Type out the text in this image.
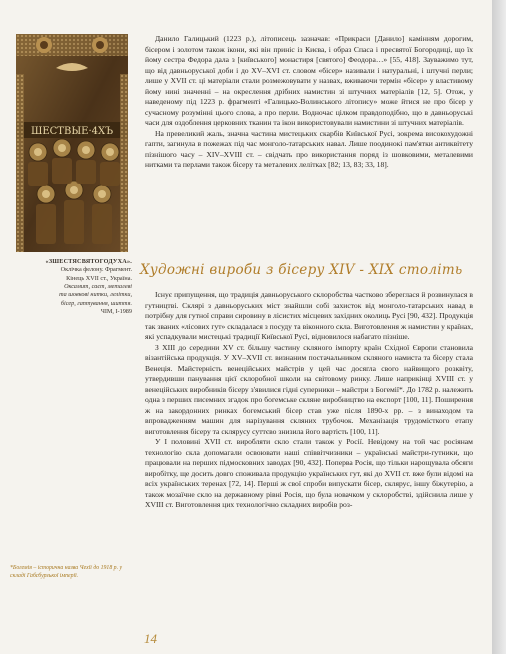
ШЕСТВЫЕ·4ХЪ
«ЗШЕСТЯСВЯТОГОДУХА».
Оклічка фелону. Фрагмент.
Кінець XVII ст., Україна.
Оксамит, саєт, металеві
та шовкові нитки, лелітки,
бісер, гаптування, шиття.
ЧІМ, І-1989

Данило Галицький (1223 р.), літописець зазначав: «Прикраси [Данило] камінням дорогим, бісером і золотом також ікони, які він приніс із Києва, і образ Спаса і пресвятої Богородиці, що їх йому сестра Федора дала з [київського] монастиря [святого] Феодора…» [55, 418]. Зауважимо тут, що від давньоруської доби і до XV–XVI ст. словом «бісер» називали і натуральні, і штучні перли; лише у XVII ст. ці матеріали стали розмежовувати у назвах, вживаючи термін «бісер» у властивому йому нині значенні – на окреслення дрібних намистин зі штучних матеріалів [12, 5]. Отож, у наведеному під 1223 р. фрагменті «Галицько-Волинського літопису» може йтися не про бісер у сучасному розумінні цього слова, а про перли. Водночас цілком правдоподібно, що в давньоруські часи для оздоблення церковних тканин та ікон використовували намистини зі штучних матеріалів.

На превеликий жаль, значна частина мистецьких скарбів Київської Русі, зокрема високохудожні гапти, загинула в пожежах під час монголо-татарських навал. Лише поодинокі пам'ятки антиквітету пізнішого часу – XIV–XVIII ст. – свідчать про використання поряд із шовковими, металевими нитками та перлами також бісеру та металевих лелітках [82; 13, 83; 33, 18].

Художні вироби з бісеру XIV - XIX століть

Існує припущення, що традиція давньоруського склоробства частково збереглася й розвинулася в гутництві. Склярі з давньоруських міст знайшли собі захисток від монголо-татарських навад в потрібну для гутної справи сировину в лісистих місцевих західних околиць Русі [90, 432]. Продукція так званих «лісових гут» складалася з посуду та віконного скла. Виготовлення ж намистин у країнах, які успадкували мистецькі традиції Київської Русі, відновилося набагато пізніше.

З XIII до середини XV ст. більшу частину скляного імпорту країн Східної Європи становила візантійська продукція. У XV–XVII ст. визнаним постачальником скляного намиста та бісеру стала Венеція. Майстерність венеційських майстрів у цей час досягла свого найвищого розквіту, утвердивши панування цієї склоробної школи на світовому ринку. Лише наприкінці XVIII ст. у венеційських виробників бісеру з'явилися гідні суперники – майстри з Богемії*. До 1782 р. належить одна з перших писемних згадок про богемське скляне виробництво на експорт [100, 11]. Поширення ж на закордонних ринках богемський бісер став уже після 1890-х рр. – з винаходом та впровадженням машин для нарізування скляних трубочок. Механізація трудомісткого етапу виготовлення бісеру та склярусу суттєво знизила його вартість [100, 11].

У І половині XVII ст. виробляти скло стали також у Росії. Невідому на той час росіянам технологію скла допомагали освоювати наші співвітчизники – українські майстри-гутники, що працювали на перших підмосковних заводах [90, 432]. Поперва Росія, що тільки нарощувала обсяги виробітку, ще досить довго споживала продукцію українських гут, які до XVII ст. вже були відомі на всіх українських теренах [72, 14]. Перші ж свої спроби випускати бісер, склярус, іншу біжутерію, а також мозаїчне скло на державному рівні Росія, що була новачком у склоробстві, здійснила лише у XVIII ст. Виготовлення цих технологічно складних виробів роз-

*Богемія – історична назва Чехії до 1918 р. у складі Габсбурзької імперії.
14
